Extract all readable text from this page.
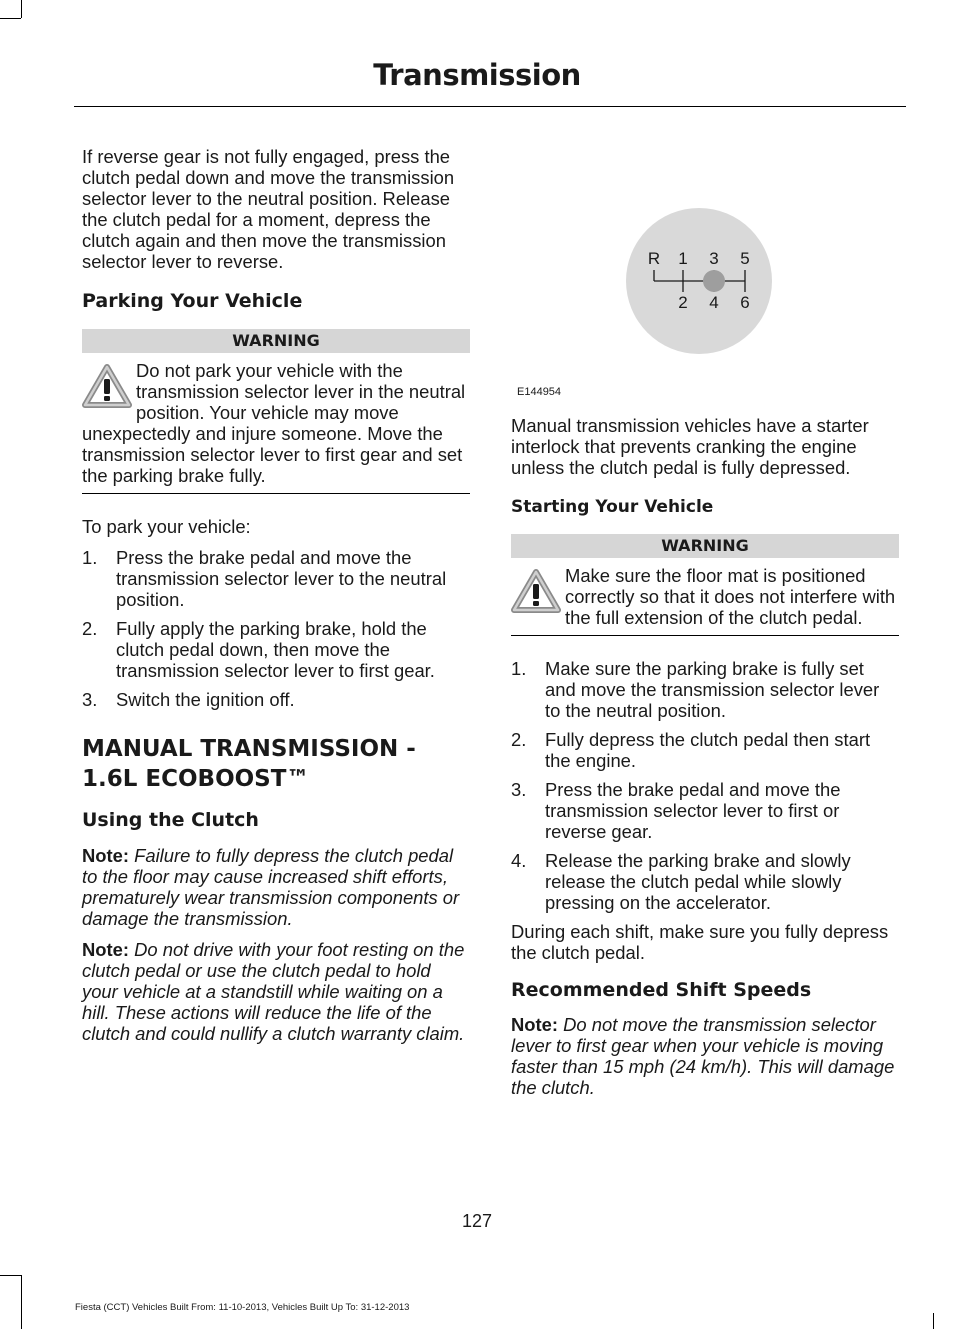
Transmission

If reverse gear is not fully engaged, press the clutch pedal down and move the transmission selector lever to the neutral position. Release the clutch pedal for a moment, depress the clutch again and then move the transmission selector lever to reverse.

Parking Your Vehicle
WARNING

Do not park your vehicle with the transmission selector lever in the neutral position. Your vehicle may move unexpectedly and injure someone. Move the transmission selector lever to first gear and set the parking brake fully.

To park your vehicle:

1. Press the brake pedal and move the transmission selector lever to the neutral position.
2. Fully apply the parking brake, hold the clutch pedal down, then move the transmission selector lever to first gear.
3. Switch the ignition off.
MANUAL TRANSMISSION -
1.6L ECOBOOST™
Using the Clutch

Note: Failure to fully depress the clutch pedal to the floor may cause increased shift efforts, prematurely wear transmission components or damage the transmission.

Note: Do not drive with your foot resting on the clutch pedal or use the clutch pedal to hold your vehicle at a standstill while waiting on a hill. These actions will reduce the life of the clutch and could nullify a clutch warranty claim.

R 1 3 5
2 4 6
E144954

Manual transmission vehicles have a starter interlock that prevents cranking the engine unless the clutch pedal is fully depressed.

Starting Your Vehicle
WARNING

Make sure the floor mat is positioned correctly so that it does not interfere with the full extension of the clutch pedal.

1. Make sure the parking brake is fully set and move the transmission selector lever to the neutral position.
2. Fully depress the clutch pedal then start the engine.
3. Press the brake pedal and move the transmission selector lever to first or reverse gear.
4. Release the parking brake and slowly release the clutch pedal while slowly pressing on the accelerator.

During each shift, make sure you fully depress the clutch pedal.

Recommended Shift Speeds

Note: Do not move the transmission selector lever to first gear when your vehicle is moving faster than 15 mph (24 km/h). This will damage the clutch.

127
Fiesta (CCT) Vehicles Built From: 11-10-2013, Vehicles Built Up To: 31-12-2013
